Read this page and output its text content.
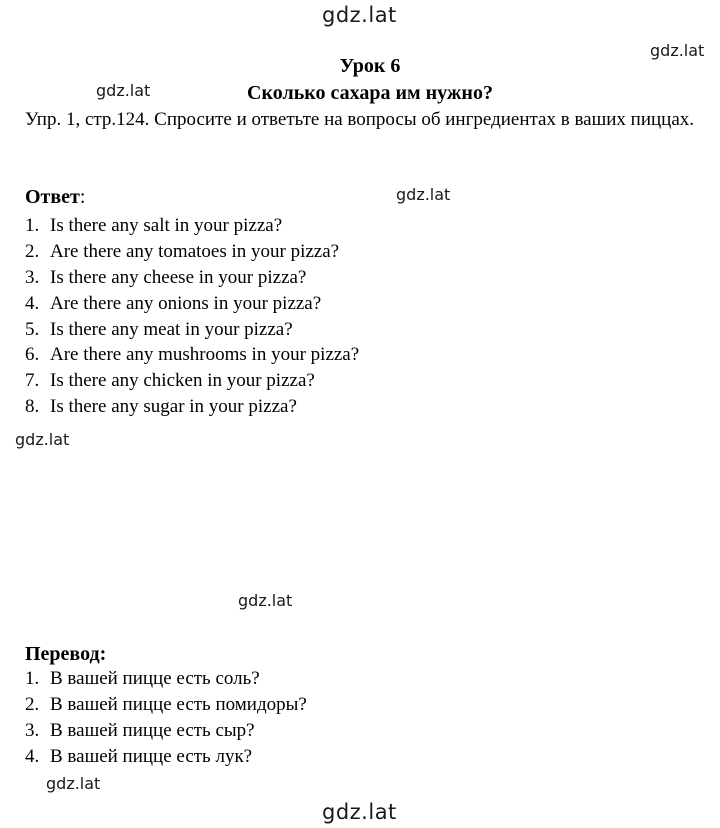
gdz.lat
gdz.lat
gdz.lat
gdz.lat
gdz.lat
gdz.lat
gdz.lat
gdz.lat
Урок 6
Сколько сахара им нужно?
Упр. 1, стр.124. Спросите и ответьте на вопросы об ингредиентах в ваших пиццах.
Ответ:
1. Is there any salt in your pizza?
2. Are there any tomatoes in your pizza?
3. Is there any cheese in your pizza?
4. Are there any onions in your pizza?
5. Is there any meat in your pizza?
6. Are there any mushrooms in your pizza?
7. Is there any chicken in your pizza?
8. Is there any sugar in your pizza?
Перевод:
1. В вашей пицце есть соль?
2. В вашей пицце есть помидоры?
3. В вашей пицце есть сыр?
4. В вашей пицце есть лук?
